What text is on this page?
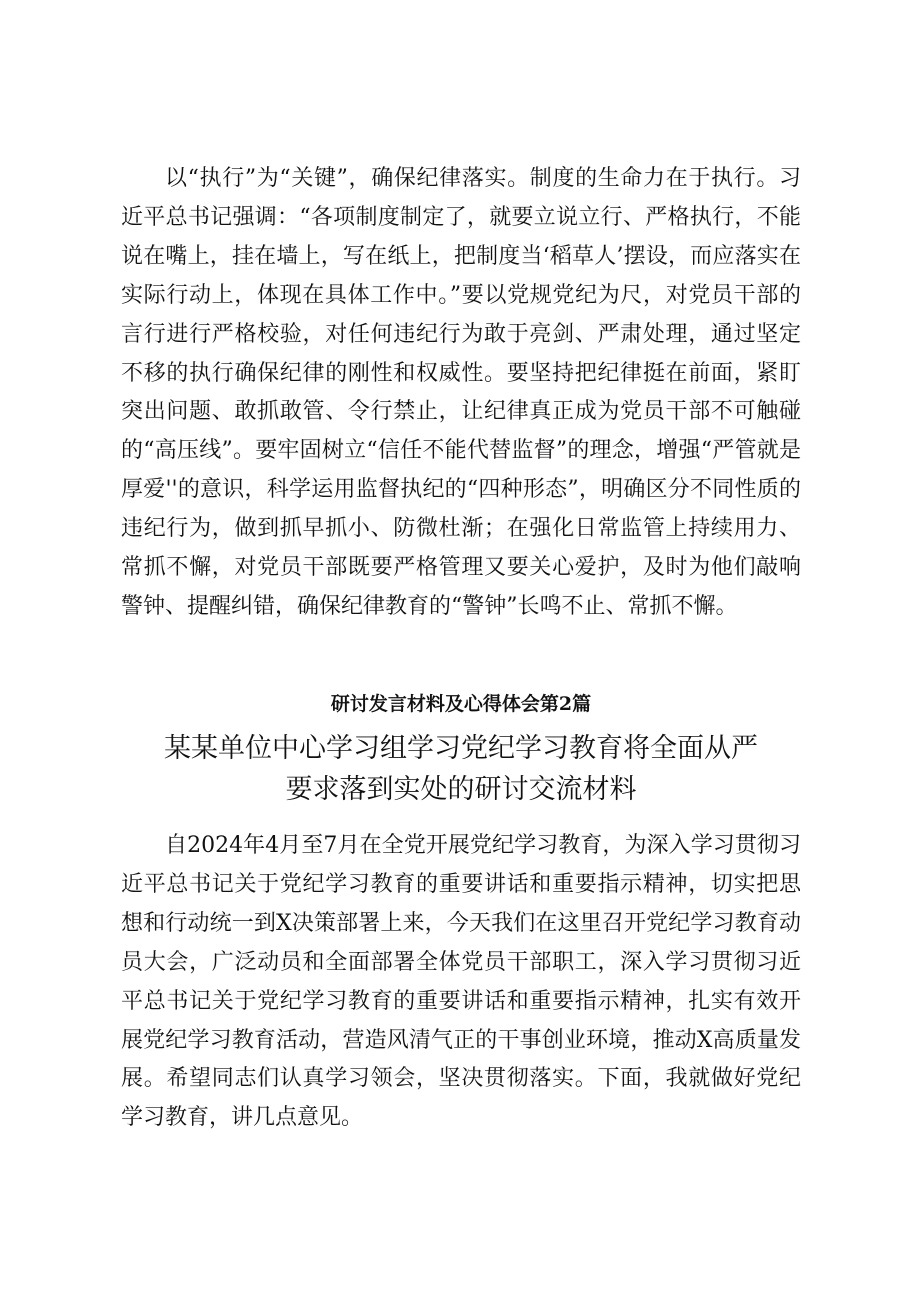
以“执行”为“关键”，确保纪律落实。制度的生命力在于执行。习近平总书记强调：“各项制度制定了，就要立说立行、严格执行，不能说在嘴上，挂在墙上，写在纸上，把制度当‘稻草人’摆设，而应落实在实际行动上，体现在具体工作中。”要以党规党纪为尺，对党员干部的言行进行严格校验，对任何违纪行为敢于亮剑、严肃处理，通过坚定不移的执行确保纪律的刚性和权威性。要坚持把纪律挺在前面，紧盯突出问题、敢抓敢管、令行禁止，让纪律真正成为党员干部不可触碰的“高压线”。要牢固树立“信任不能代替监督”的理念，增强“严管就是厚爱''的意识，科学运用监督执纪的“四种形态”，明确区分不同性质的违纪行为，做到抓早抓小、防微杜渐；在强化日常监管上持续用力、常抓不懈，对党员干部既要严格管理又要关心爱护，及时为他们敲响警钟、提醒纠错，确保纪律教育的“警钟”长鸣不止、常抓不懈。

研讨发言材料及心得体会第2篇

某某单位中心学习组学习党纪学习教育将全面从严
要求落到实处的研讨交流材料

自2024年4月至7月在全党开展党纪学习教育，为深入学习贯彻习近平总书记关于党纪学习教育的重要讲话和重要指示精神，切实把思想和行动统一到X决策部署上来，今天我们在这里召开党纪学习教育动员大会，广泛动员和全面部署全体党员干部职工，深入学习贯彻习近平总书记关于党纪学习教育的重要讲话和重要指示精神，扎实有效开展党纪学习教育活动，营造风清气正的干事创业环境，推动X高质量发展。希望同志们认真学习领会，坚决贯彻落实。下面，我就做好党纪学习教育，讲几点意见。
